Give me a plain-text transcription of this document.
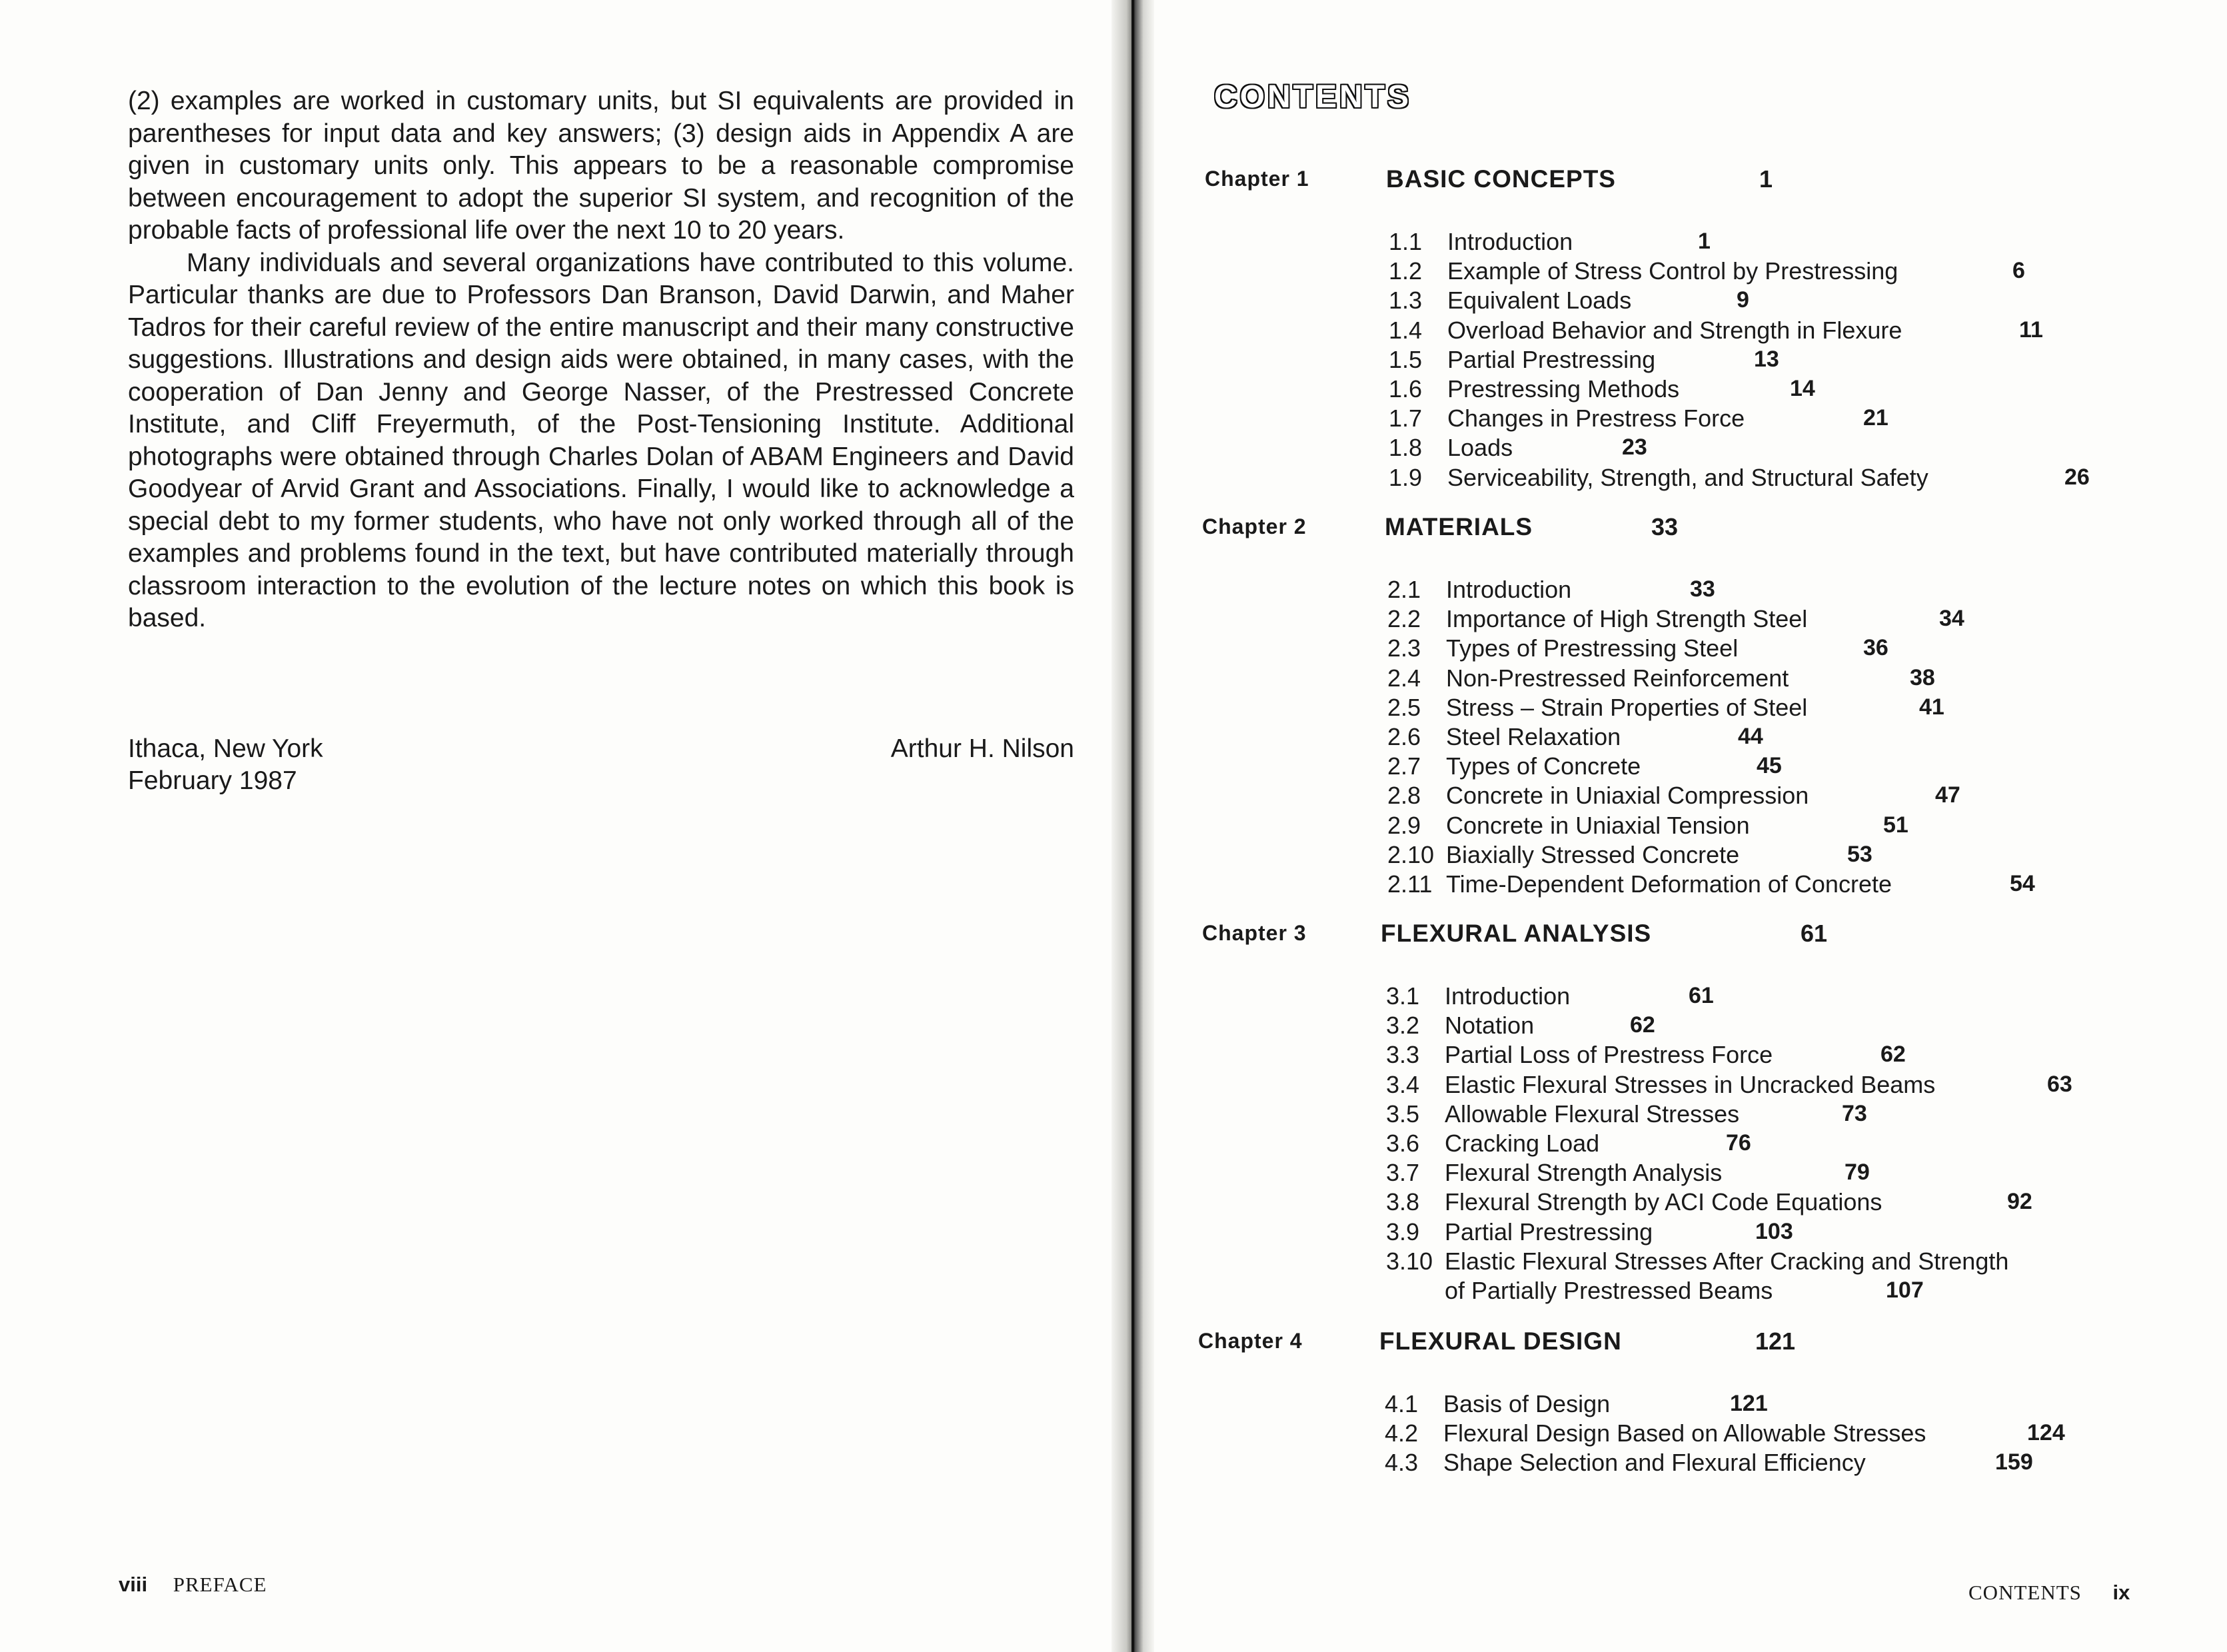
(2) examples are worked in customary units, but SI equivalents are provided in parentheses for input data and key answers; (3) design aids in Appendix A are given in customary units only. This appears to be a reasonable compromise between encouragement to adopt the superior SI system, and recognition of the probable facts of professional life over the next 10 to 20 years.

Many individuals and several organizations have contributed to this volume. Particular thanks are due to Professors Dan Branson, David Darwin, and Maher Tadros for their careful review of the entire manuscript and their many constructive suggestions. Illustrations and design aids were obtained, in many cases, with the cooperation of Dan Jenny and George Nasser, of the Prestressed Concrete Institute, and Cliff Freyermuth, of the Post-Tensioning Institute. Additional photographs were obtained through Charles Dolan of ABAM Engineers and David Goodyear of Arvid Grant and Associations. Finally, I would like to acknowledge a special debt to my former students, who have not only worked through all of the examples and problems found in the text, but have contributed materially through classroom interaction to the evolution of the lecture notes on which this book is based.

Ithaca, New York
February 1987
Arthur H. Nilson
viii PREFACE
CONTENTS
Chapter 1	BASIC CONCEPTS	1
1.1 Introduction	1
1.2 Example of Stress Control by Prestressing	6
1.3 Equivalent Loads	9
1.4 Overload Behavior and Strength in Flexure	11
1.5 Partial Prestressing	13
1.6 Prestressing Methods	14
1.7 Changes in Prestress Force	21
1.8 Loads	23
1.9 Serviceability, Strength, and Structural Safety	26
Chapter 2	MATERIALS	33
2.1 Introduction	33
2.2 Importance of High Strength Steel	34
2.3 Types of Prestressing Steel	36
2.4 Non-Prestressed Reinforcement	38
2.5 Stress – Strain Properties of Steel	41
2.6 Steel Relaxation	44
2.7 Types of Concrete	45
2.8 Concrete in Uniaxial Compression	47
2.9 Concrete in Uniaxial Tension	51
2.10 Biaxially Stressed Concrete	53
2.11 Time-Dependent Deformation of Concrete	54
Chapter 3	FLEXURAL ANALYSIS	61
3.1 Introduction	61
3.2 Notation	62
3.3 Partial Loss of Prestress Force	62
3.4 Elastic Flexural Stresses in Uncracked Beams	63
3.5 Allowable Flexural Stresses	73
3.6 Cracking Load	76
3.7 Flexural Strength Analysis	79
3.8 Flexural Strength by ACI Code Equations	92
3.9 Partial Prestressing	103
3.10 Elastic Flexural Stresses After Cracking and Strength
of Partially Prestressed Beams	107
Chapter 4	FLEXURAL DESIGN	121
4.1 Basis of Design	121
4.2 Flexural Design Based on Allowable Stresses	124
4.3 Shape Selection and Flexural Efficiency	159
CONTENTS ix
